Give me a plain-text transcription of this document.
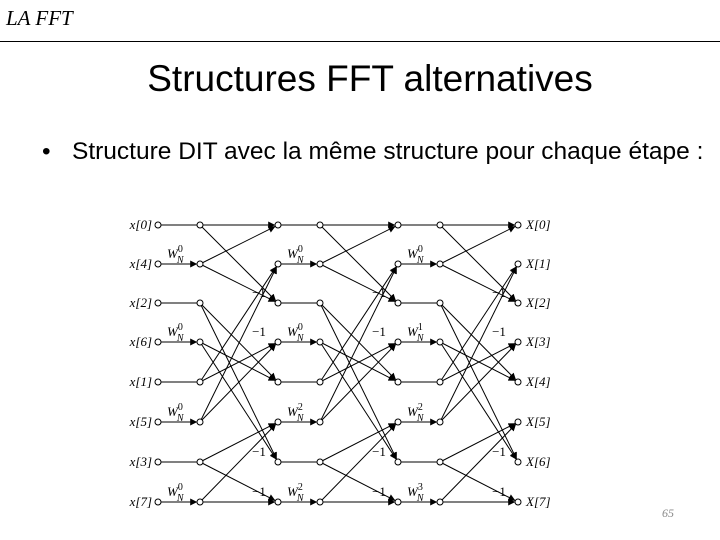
LA FFT
Structures FFT alternatives
• Structure DIT avec la même structure pour chaque étape :
$W^0$ N
$W^0$ N
$W^0$ N
$W^0$ N
−1
−1
−1
−1
$W^0$ N
$W^0$ N
$W^2$ N
$W^2$ N
−1
−1
−1
−1
$W^0$ N
$W^1$ N
$W^2$ N
$W^3$ N
−1
−1
−1
−1
x[0]
x[4]
x[2]
x[6]
x[1]
x[5]
x[3]
x[7]
X[0]
X[1]
X[2]
X[3]
X[4]
X[5]
X[6]
X[7]
65
